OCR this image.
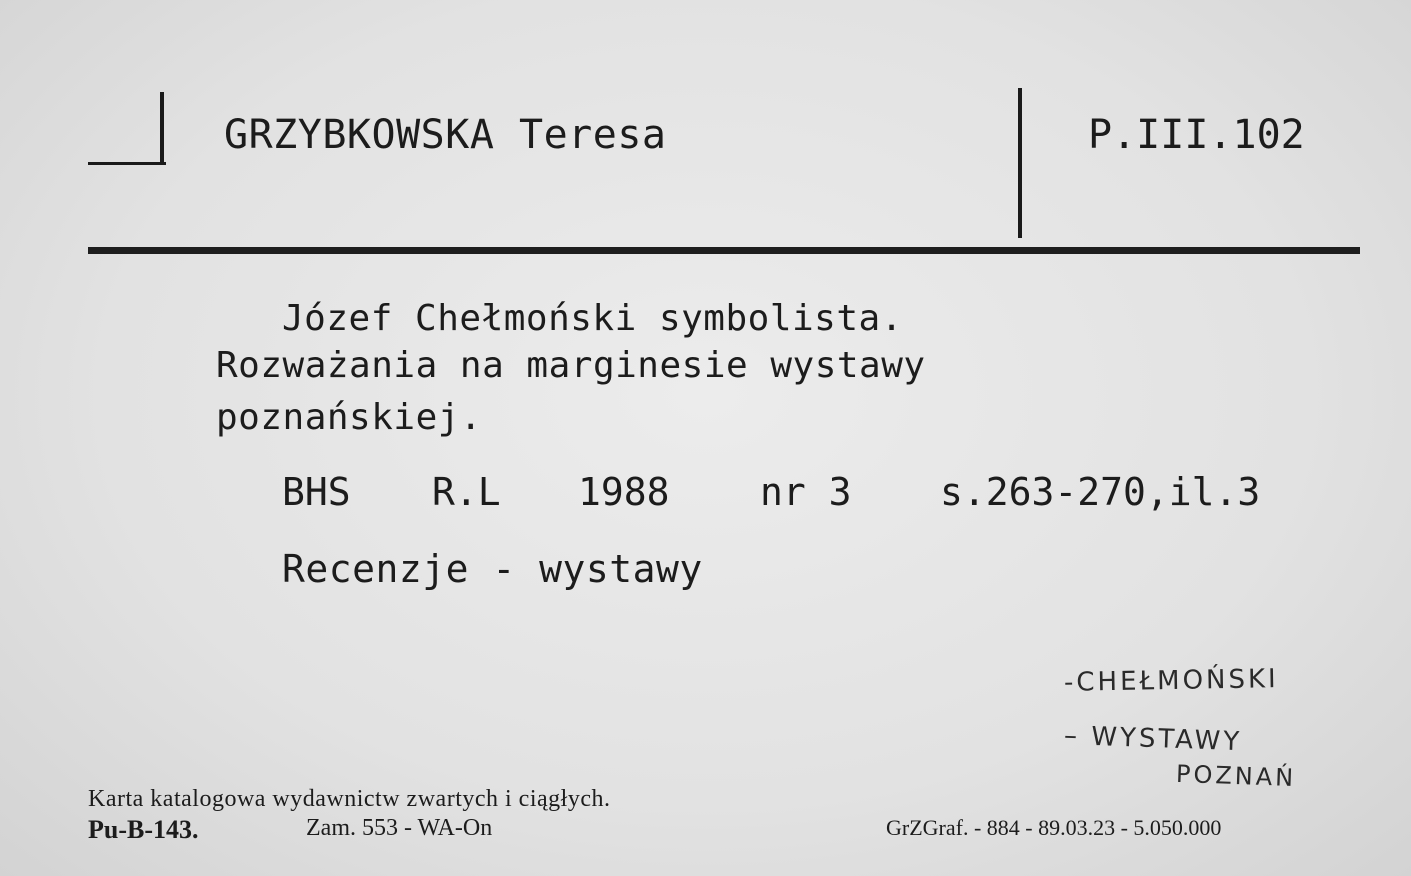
GRZYBKOWSKA Teresa	P.III.102
Józef Chełmoński symbolista.
Rozważania na marginesie wystawy
poznańskiej.
BHS R.L 1988 nr 3 s.263-270,il.3
Recenzje - wystawy
-CHEŁMOŃSKI
– WYSTAWY
POZNAŃ
Karta katalogowa wydawnictw zwartych i ciągłych.
Pu-B-143.	Zam. 553 - WA-On	GrZGraf. - 884 - 89.03.23 - 5.050.000
